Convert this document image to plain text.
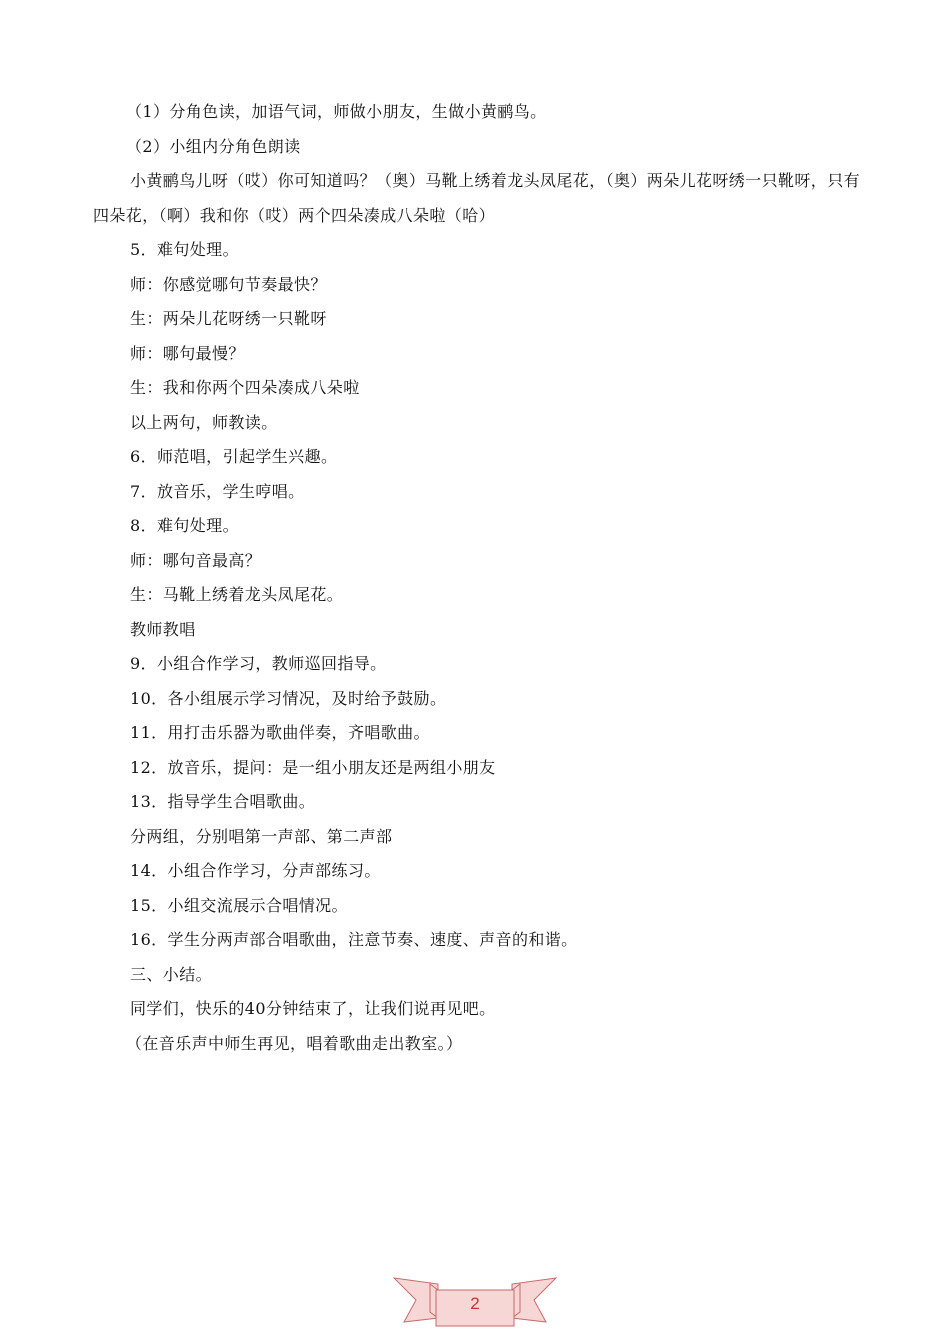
（1）分角色读，加语气词，师做小朋友，生做小黄鹂鸟。
（2）小组内分角色朗读
小黄鹂鸟儿呀（哎）你可知道吗？（奥）马靴上绣着龙头凤尾花，（奥）两朵儿花呀绣一只靴呀，只有四朵花，（啊）我和你（哎）两个四朵凑成八朵啦（哈）
5．难句处理。
师：你感觉哪句节奏最快？
生：两朵儿花呀绣一只靴呀
师：哪句最慢？
生：我和你两个四朵凑成八朵啦
以上两句，师教读。
6．师范唱，引起学生兴趣。
7．放音乐，学生哼唱。
8．难句处理。
师：哪句音最高？
生：马靴上绣着龙头凤尾花。
教师教唱
9．小组合作学习，教师巡回指导。
10．各小组展示学习情况，及时给予鼓励。
11．用打击乐器为歌曲伴奏，齐唱歌曲。
12．放音乐，提问：是一组小朋友还是两组小朋友
13．指导学生合唱歌曲。
分两组，分别唱第一声部、第二声部
14．小组合作学习，分声部练习。
15．小组交流展示合唱情况。
16．学生分两声部合唱歌曲，注意节奏、速度、声音的和谐。
三、小结。
同学们，快乐的40分钟结束了，让我们说再见吧。
（在音乐声中师生再见，唱着歌曲走出教室。）
2
